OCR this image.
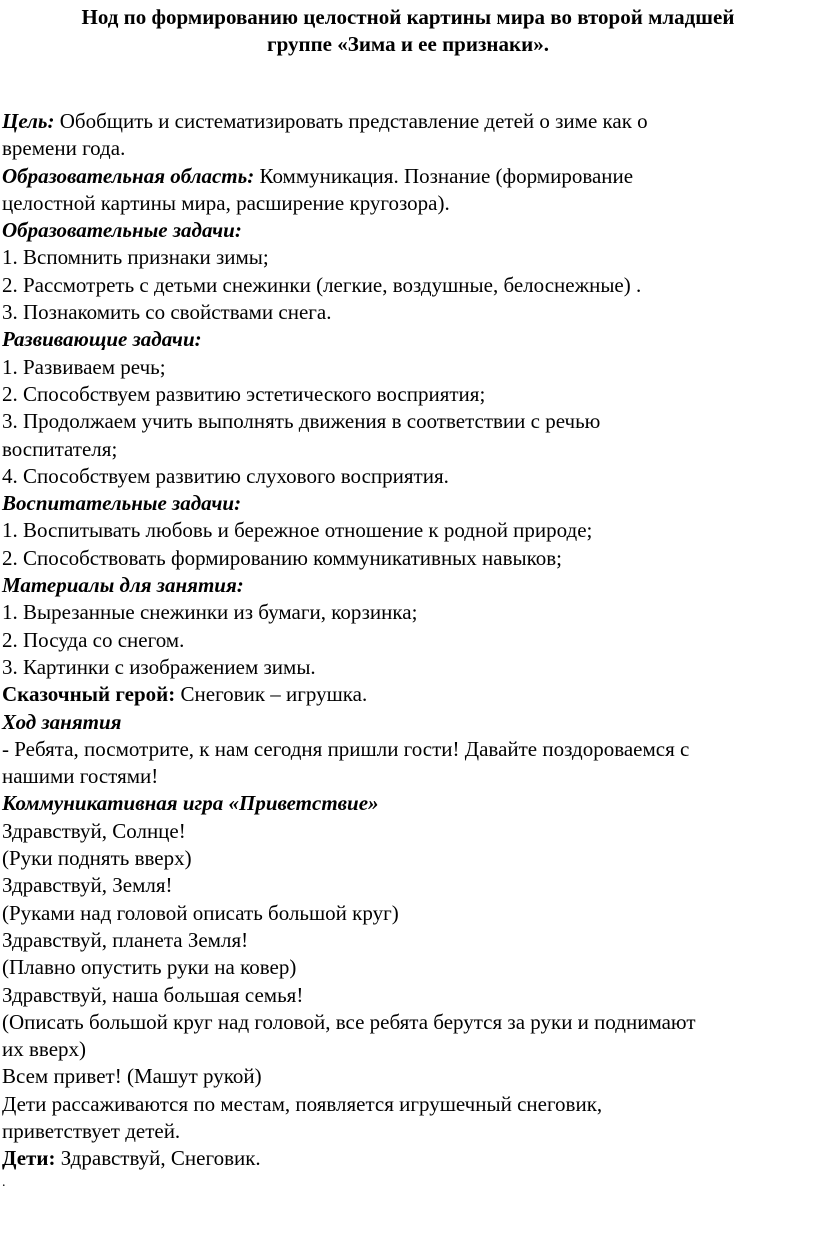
Нод по формированию целостной картины мира во второй младшей
группе «Зима и ее признаки».
Цель: Обобщить и систематизировать представление детей о зиме как о
времени года.
Образовательная область: Коммуникация. Познание (формирование
целостной картины мира, расширение кругозора).
Образовательные задачи:
1. Вспомнить признаки зимы;
2. Рассмотреть с детьми снежинки (легкие, воздушные, белоснежные) .
3. Познакомить со свойствами снега.
Развивающие задачи:
1. Развиваем речь;
2. Способствуем развитию эстетического восприятия;
3. Продолжаем учить выполнять движения в соответствии с речью
воспитателя;
4. Способствуем развитию слухового восприятия.
Воспитательные задачи:
1. Воспитывать любовь и бережное отношение к родной природе;
2. Способствовать формированию коммуникативных навыков;
Материалы для занятия:
1. Вырезанные снежинки из бумаги, корзинка;
2. Посуда со снегом.
3. Картинки с изображением зимы.
Сказочный герой: Снеговик – игрушка.
Ход занятия
- Ребята, посмотрите, к нам сегодня пришли гости! Давайте поздороваемся с
нашими гостями!
Коммуникативная игра «Приветствие»
Здравствуй, Солнце!
(Руки поднять вверх)
Здравствуй, Земля!
(Руками над головой описать большой круг)
Здравствуй, планета Земля!
(Плавно опустить руки на ковер)
Здравствуй, наша большая семья!
(Описать большой круг над головой, все ребята берутся за руки и поднимают
их вверх)
Всем привет! (Машут рукой)
Дети рассаживаются по местам, появляется игрушечный снеговик,
приветствует детей.
Дети: Здравствуй, Снеговик.
.
